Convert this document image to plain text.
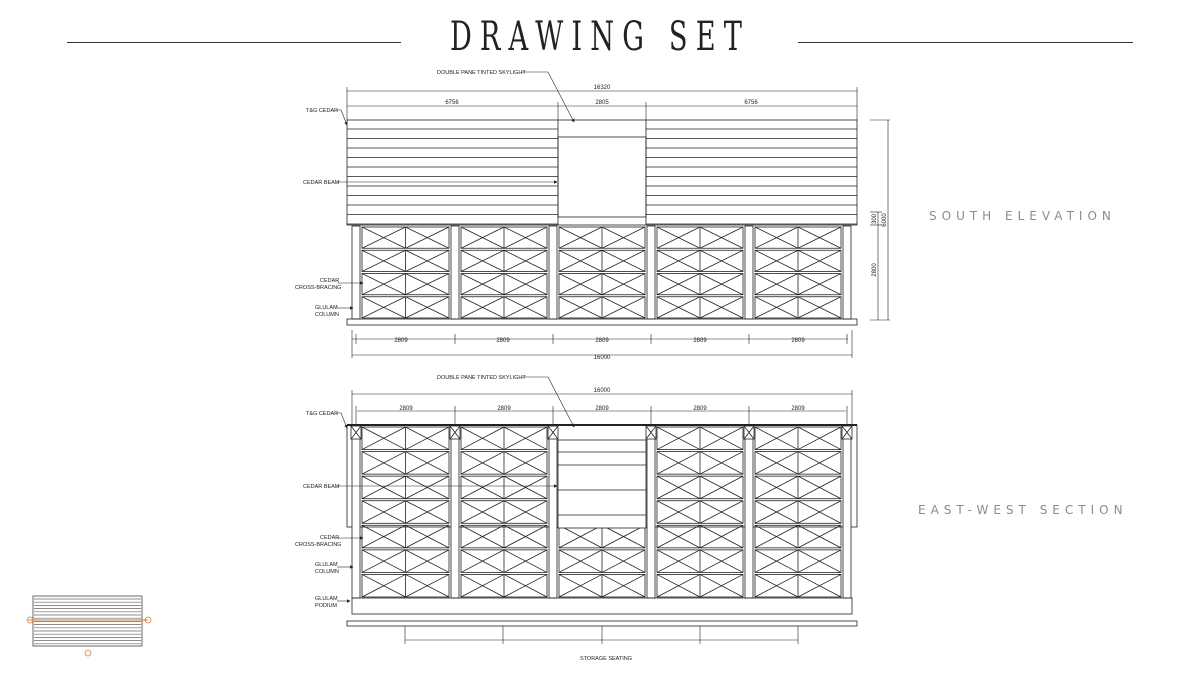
DRAWING SET
SOUTH ELEVATION
EAST-WEST SECTION
16320
6756	2805	6756
2809	2809	2809	2809	2809
16000
6000
300
2800
DOUBLE PANE TINTED SKYLIGHT
T&G CEDAR
CEDAR BEAM
CEDAR
CROSS-BRACING
GLULAM
COLUMN
16000
2809	2809	2809	2809	2809
DOUBLE PANE TINTED SKYLIGHT
T&G CEDAR
CEDAR BEAM
CEDAR
CROSS-BRACING
GLULAM
COLUMN
GLULAM
PODIUM
STORAGE SEATING
